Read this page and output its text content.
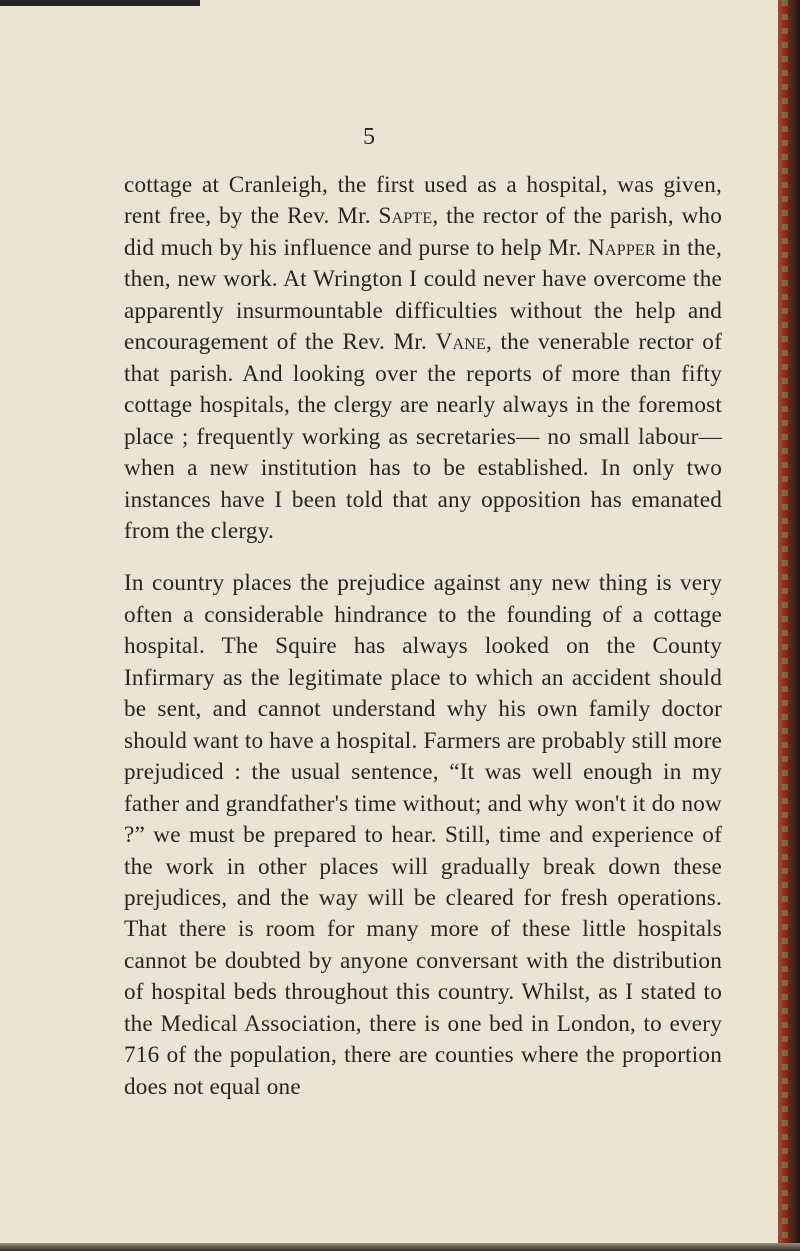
5

cottage at Cranleigh, the first used as a hospital, was given, rent free, by the Rev. Mr. Sapte, the rector of the parish, who did much by his influence and purse to help Mr. Napper in the, then, new work. At Wrington I could never have overcome the apparently insurmountable difficulties without the help and encouragement of the Rev. Mr. Vane, the venerable rector of that parish. And looking over the reports of more than fifty cottage hospitals, the clergy are nearly always in the foremost place ; frequently working as secretaries— no small labour—when a new institution has to be established. In only two instances have I been told that any opposition has emanated from the clergy.

In country places the prejudice against any new thing is very often a considerable hindrance to the founding of a cottage hospital. The Squire has always looked on the County Infirmary as the legitimate place to which an accident should be sent, and cannot understand why his own family doctor should want to have a hospital. Farmers are probably still more prejudiced : the usual sentence, “It was well enough in my father and grandfather's time without; and why won't it do now ?” we must be prepared to hear. Still, time and experience of the work in other places will gradually break down these prejudices, and the way will be cleared for fresh operations. That there is room for many more of these little hospitals cannot be doubted by anyone conversant with the distribution of hospital beds throughout this country. Whilst, as I stated to the Medical Association, there is one bed in London, to every 716 of the population, there are counties where the proportion does not equal one
